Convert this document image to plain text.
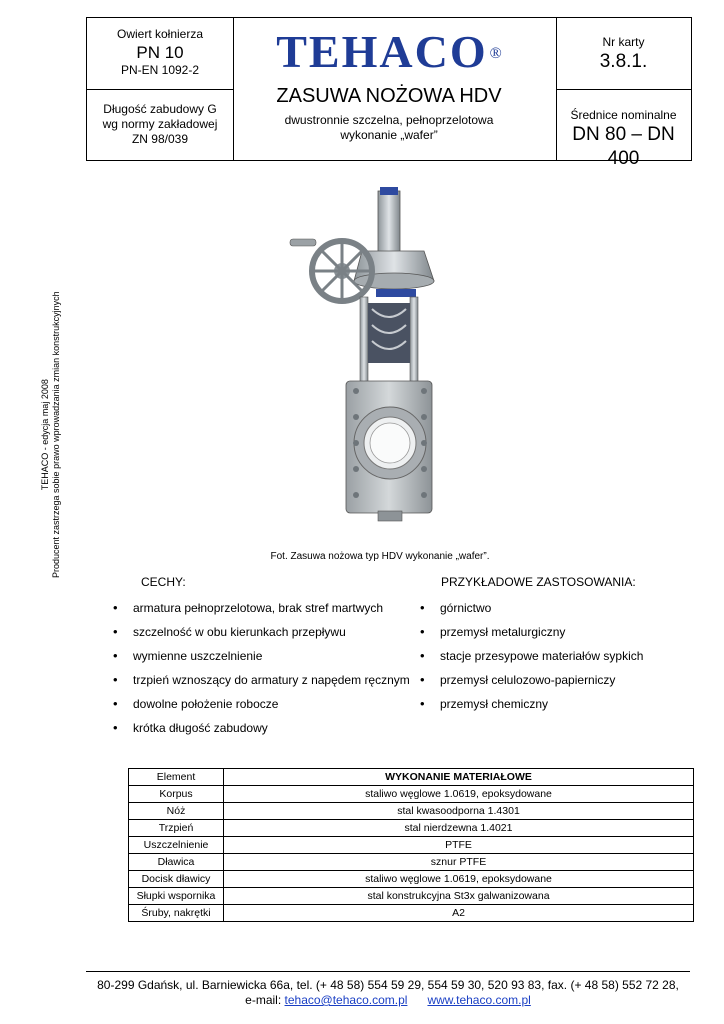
Owiert kołnierza
PN 10
PN-EN 1092-2
Długość zabudowy G
wg normy zakładowej
ZN 98/039
TEHACO ®
ZASUWA NOŻOWA HDV
dwustronnie szczelna, pełnoprzelotowa
wykonanie „wafer”
Nr karty
3.8.1.
Średnice nominalne
DN 80 – DN 400
TEHACO - edycja maj 2008 Producent zastrzega sobie prawo wprowadzania zmian konstrukcyjnych	Fot. Zasuwa nożowa typ HDV wykonanie „wafer”.
CECHY:
• armatura pełnoprzelotowa, brak stref martwych
• szczelność w obu kierunkach przepływu
• wymienne uszczelnienie
• trzpień wznoszący do armatury z napędem ręcznym
• dowolne położenie robocze
• krótka długość zabudowy
PRZYKŁADOWE ZASTOSOWANIA:
• górnictwo
• przemysł metalurgiczny
• stacje przesypowe materiałów sypkich
• przemysł celulozowo-papierniczy
• przemysł chemiczny
Element	WYKONANIE MATERIAŁOWE
Korpus	staliwo węglowe 1.0619, epoksydowane
Nóż	stal kwasoodporna 1.4301
Trzpień	stal nierdzewna 1.4021
Uszczelnienie	PTFE
Dławica	sznur PTFE
Docisk dławicy	staliwo węglowe 1.0619, epoksydowane
Słupki wspornika	stal konstrukcyjna St3x galwanizowana
Śruby, nakrętki	A2
80-299 Gdańsk, ul. Barniewicka 66a, tel. (+ 48 58) 554 59 29, 554 59 30, 520 93 83, fax. (+ 48 58) 552 72 28,
e-mail: tehaco@tehaco.com.pl www.tehaco.com.pl
